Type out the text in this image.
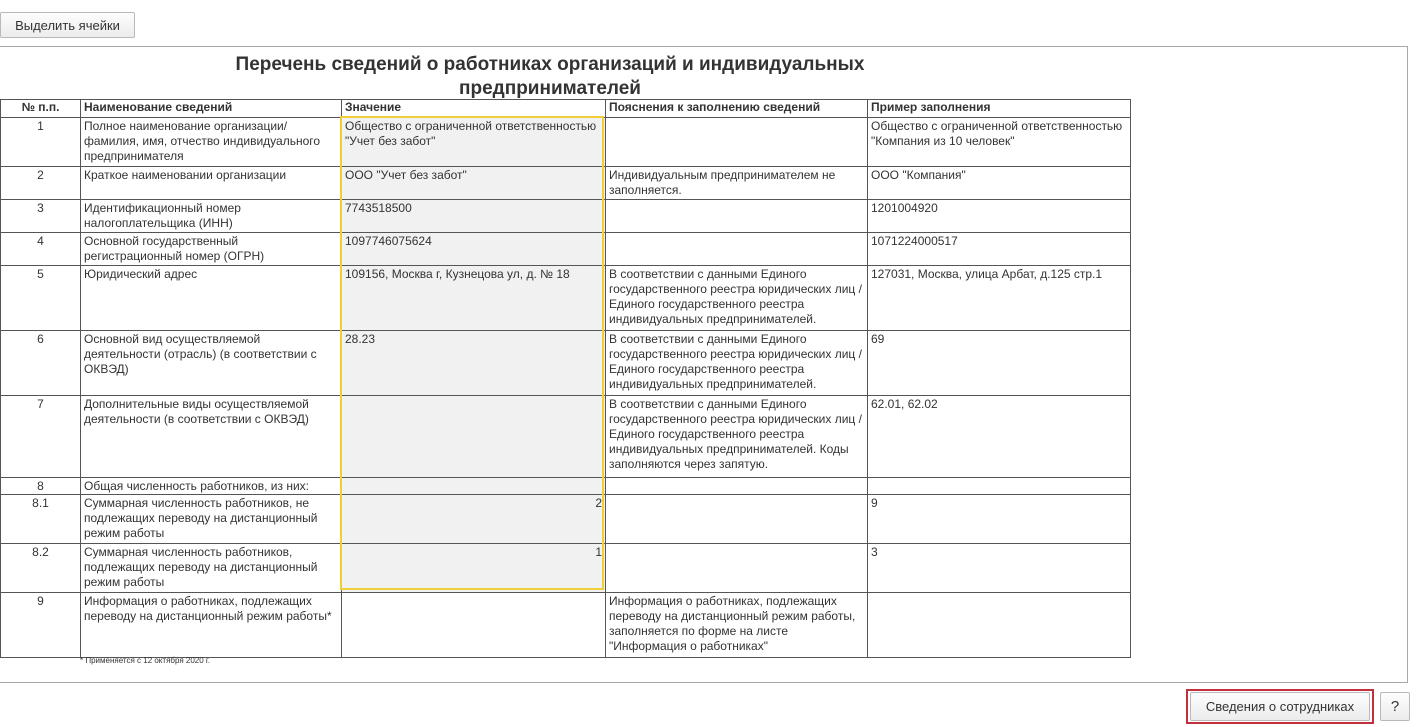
Выделить ячейки
Перечень сведений о работниках организаций и индивидуальных
предпринимателей
№ п.п.	Наименование сведений	Значение	Пояснения к заполнению сведений	Пример заполнения
1	Полное наименование организации/ фамилия, имя, отчество индивидуального предпринимателя	Общество с ограниченной ответственностью "Учет без забот"		Общество с ограниченной ответственностью "Компания из 10 человек"
2	Краткое наименовании организации	ООО "Учет без забот"	Индивидуальным предпринимателем не заполняется.	ООО "Компания"
3	Идентификационный номер налогоплательщика (ИНН)	7743518500		1201004920
4	Основной государственный регистрационный номер (ОГРН)	1097746075624		1071224000517
5	Юридический адрес	109156, Москва г, Кузнецова ул, д. № 18	В соответствии с данными Единого государственного реестра юридических лиц /Единого государственного реестра индивидуальных предпринимателей.	127031, Москва, улица Арбат, д.125 стр.1
6	Основной вид осуществляемой деятельности (отрасль) (в соответствии с ОКВЭД)	28.23	В соответствии с данными Единого государственного реестра юридических лиц /Единого государственного реестра индивидуальных предпринимателей.	69
7	Дополнительные виды осуществляемой деятельности (в соответствии с ОКВЭД)		В соответствии с данными Единого государственного реестра юридических лиц /Единого государственного реестра индивидуальных предпринимателей. Коды заполняются через запятую.	62.01, 62.02
8	Общая численность работников, из них:			
8.1	Суммарная численность работников, не подлежащих переводу на дистанционный режим работы	2		9
8.2	Суммарная численность работников, подлежащих переводу на дистанционный режим работы	1		3
9	Информация о работниках, подлежащих переводу на дистанционный режим работы*		Информация о работниках, подлежащих переводу на дистанционный режим работы, заполняется по форме на листе "Информация о работниках"	
* Применяется с 12 октября 2020 г.
Сведения о сотрудниках	?
